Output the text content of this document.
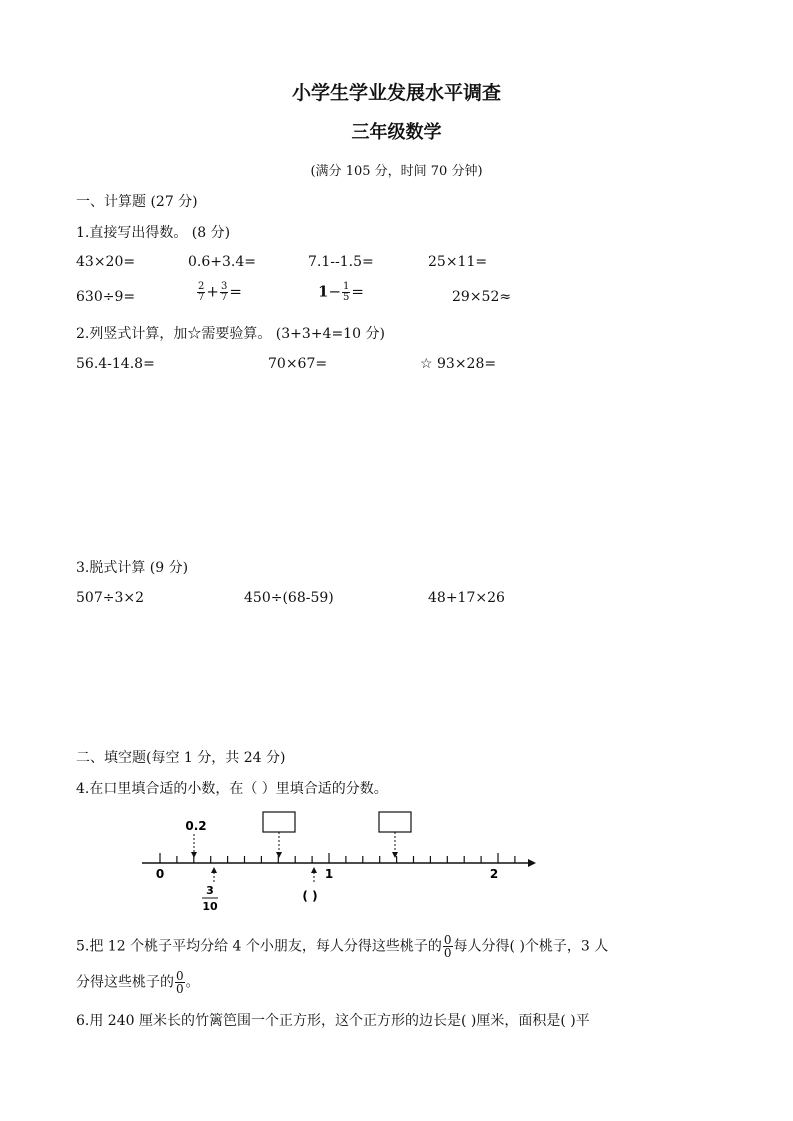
小学生学业发展水平调查
三年级数学
(满分 105 分，时间 70 分钟)
一、计算题 (27 分)
1.直接写出得数。 (8 分)
43×20=	0.6+3.4=	7.1--1.5=	25×11=
630÷9=	$\frac{2}{7} + \frac{3}{7}$ =	$1- \frac{1}{5}$ =	29×52≈
2.列竖式计算，加☆需要验算。 (3+3+4=10 分)
56.4-14.8=	70×67=	☆ 93×28=
3.脱式计算 (9 分)
507÷3×2	450÷(68-59)	48+17×26
二、填空题(每空 1 分，共 24 分)
4.在口里填合适的小数，在（ ）里填合适的分数。
0.2
3
10
( )
0	1	2
5.把 12 个桃子平均分给 4 个小朋友，每人分得这些桃子的 $\frac{0}{0}$ 每人分得( )个桃子，3 人
分得这些桃子的 $\frac{0}{0}$ 。
6.用 240 厘米长的竹篱笆围一个正方形，这个正方形的边长是( )厘米，面积是( )平
